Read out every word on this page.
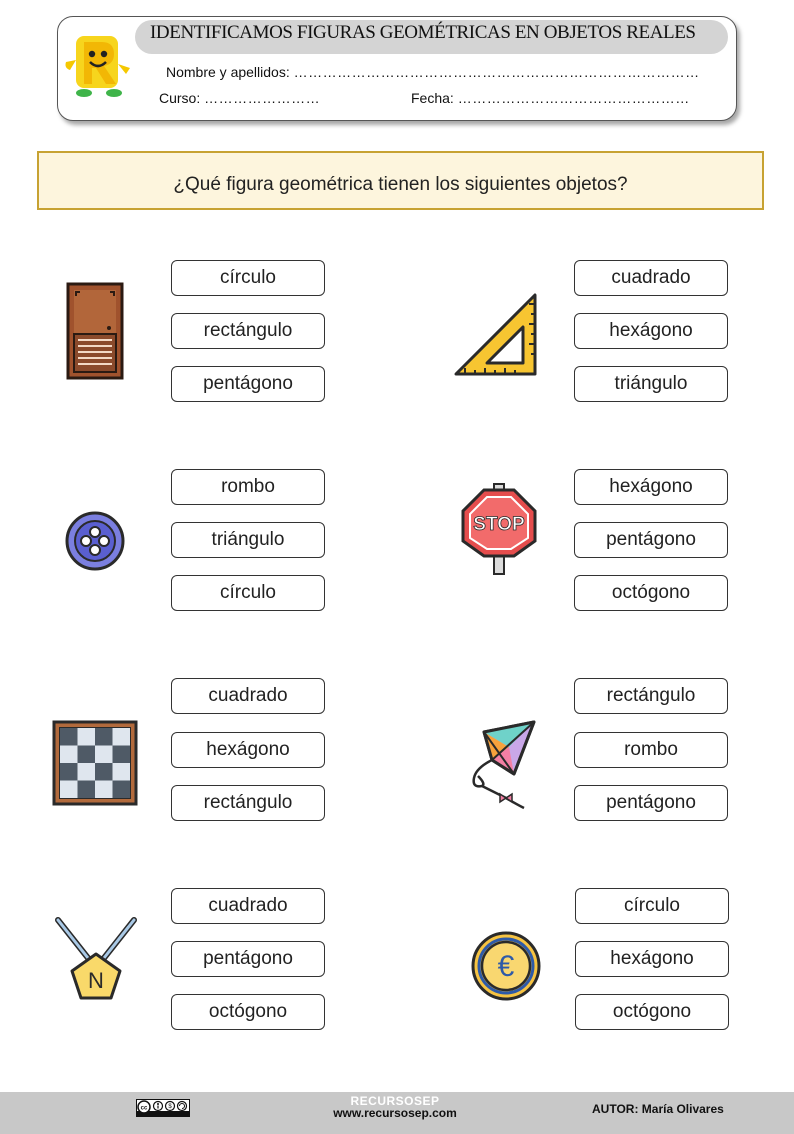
IDENTIFICAMOS FIGURAS GEOMÉTRICAS EN OBJETOS REALES
Nombre y apellidos: …………………………………………………………………………
Curso: ……………………	Fecha: …………………………………………
¿Qué figura geométrica tienen los siguientes objetos?
círculo
rectángulo
pentágono
cuadrado
hexágono
triángulo
rombo
triángulo
círculo
STOP
hexágono
pentágono
octógono
cuadrado
hexágono
rectángulo
rectángulo
rombo
pentágono
N
cuadrado
pentágono
octógono
€
círculo
hexágono
octógono
cc	$	RECURSOSEP
www.recursosep.com	AUTOR: María Olivares
